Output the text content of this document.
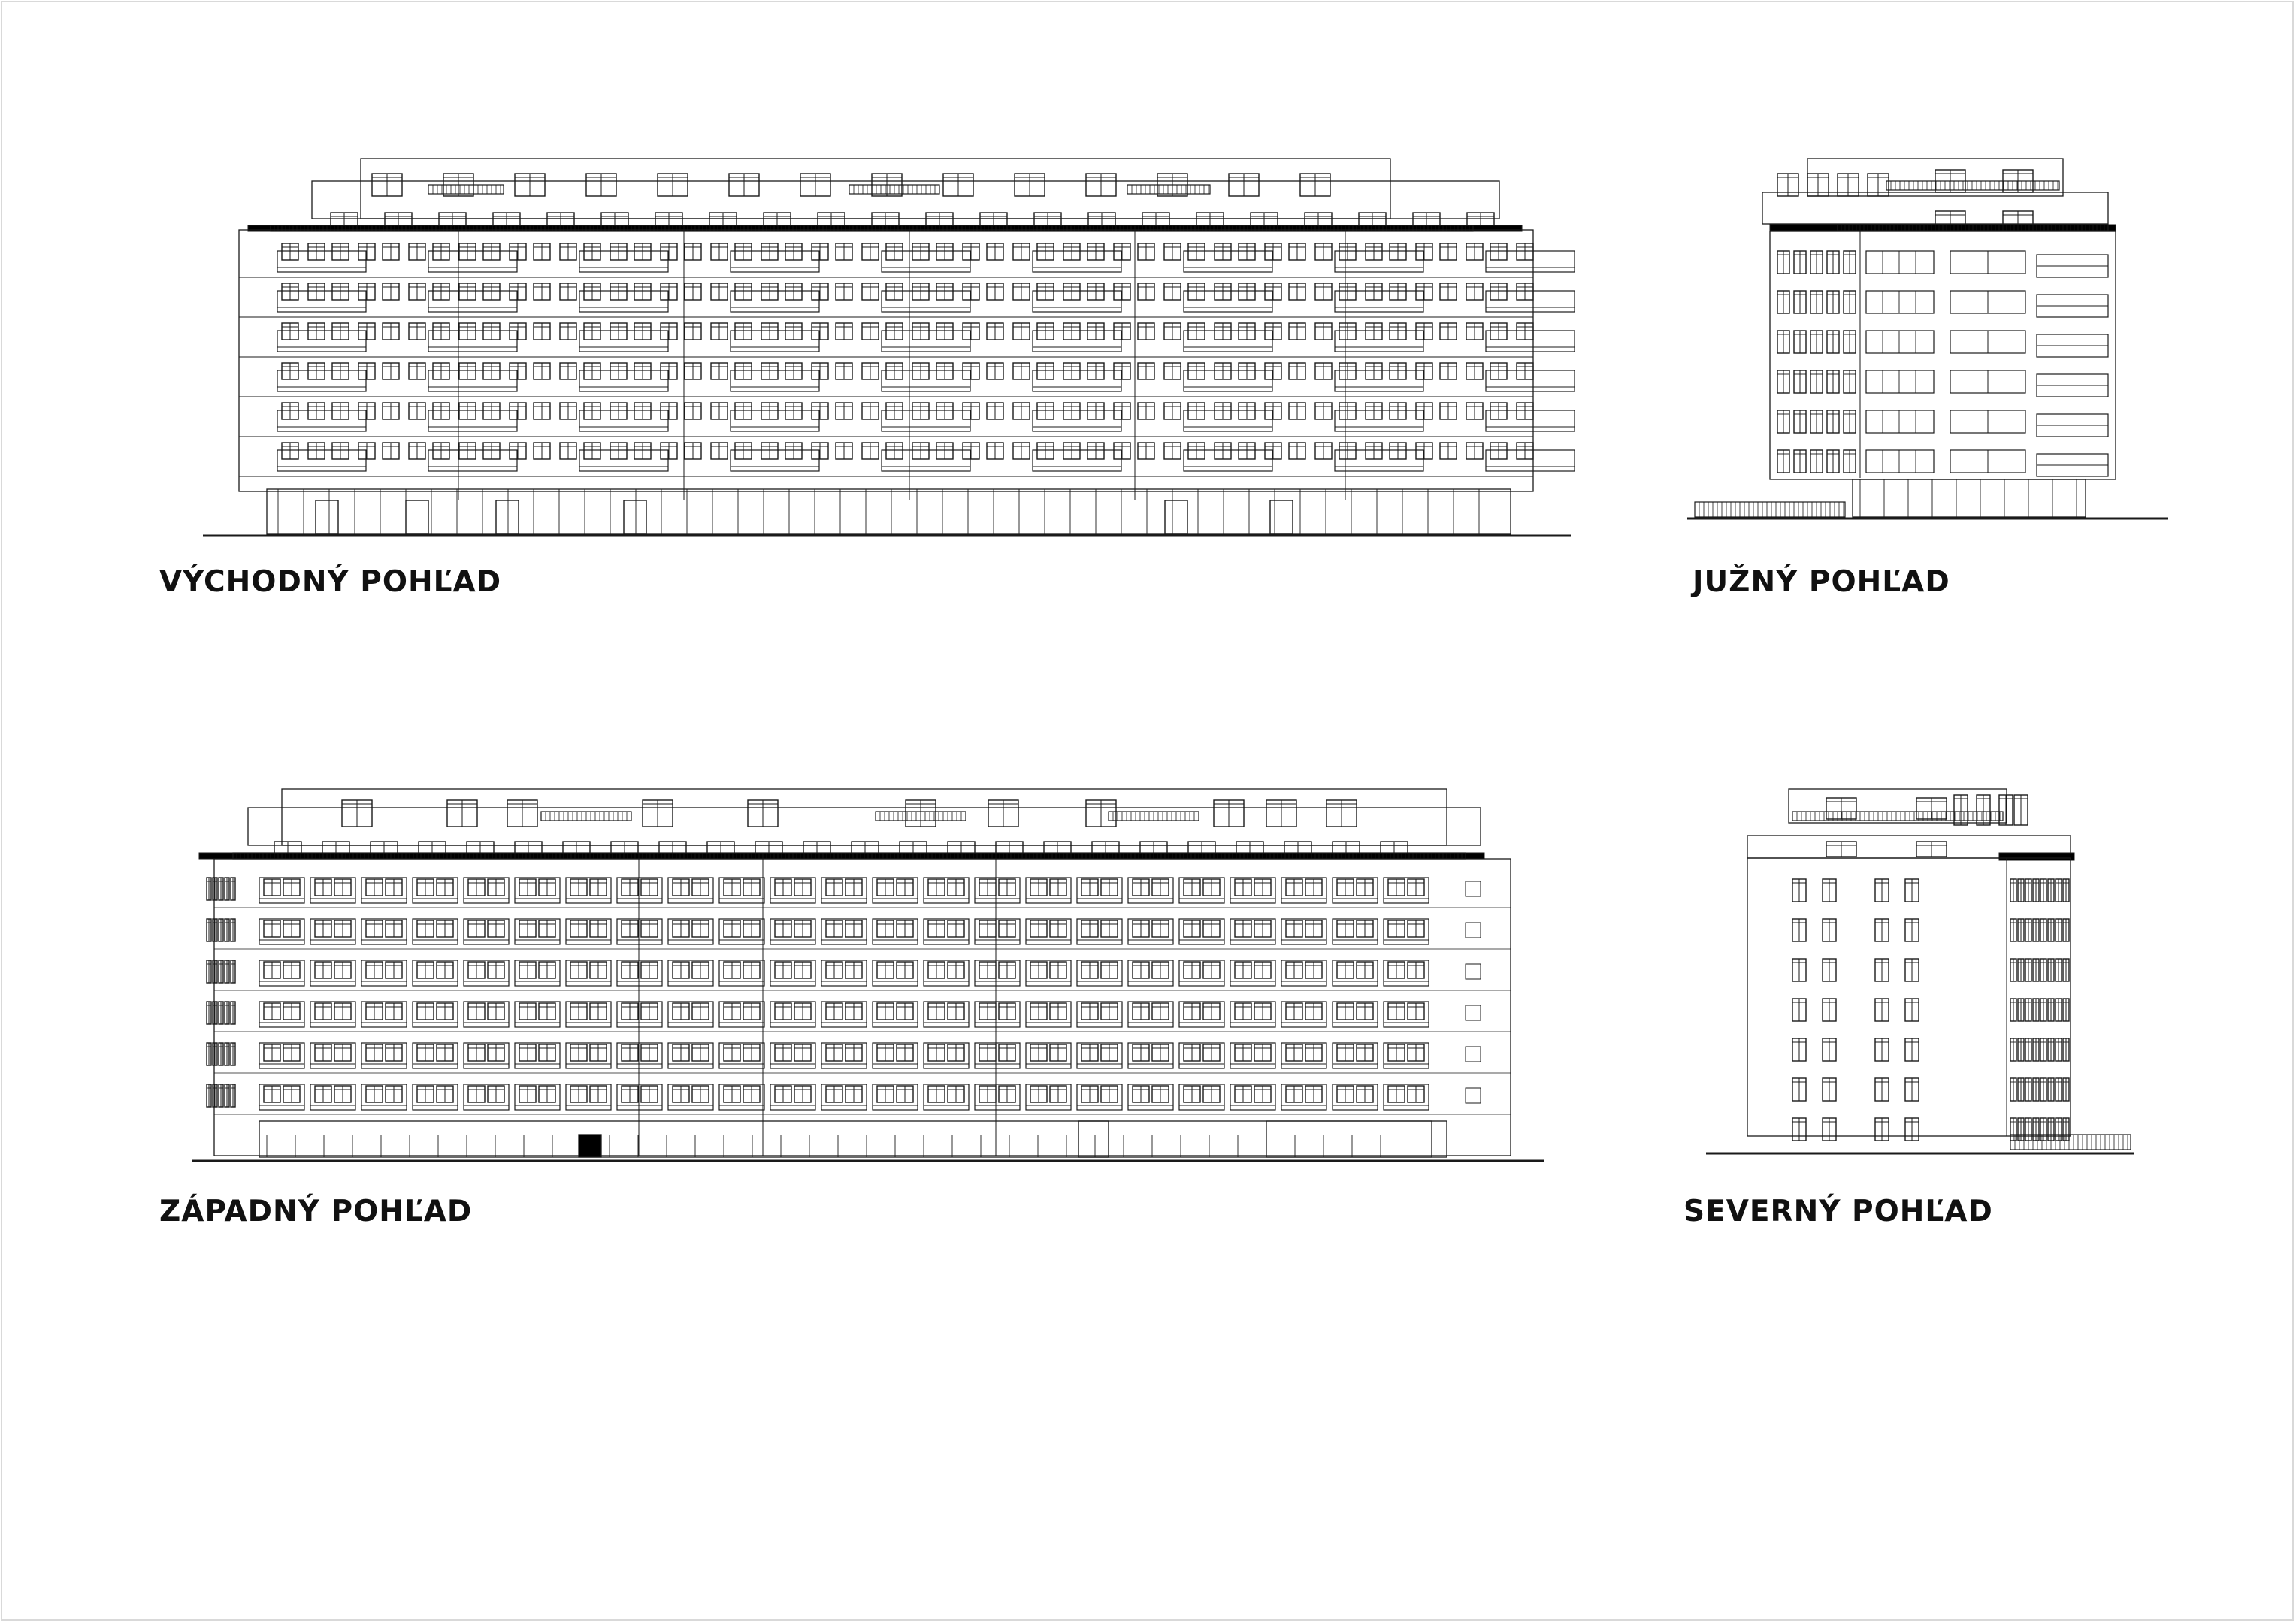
VÝCHODNÝ POHĽAD	JUŽNÝ POHĽAD
ZÁPADNÝ POHĽAD	SEVERNÝ POHĽAD
